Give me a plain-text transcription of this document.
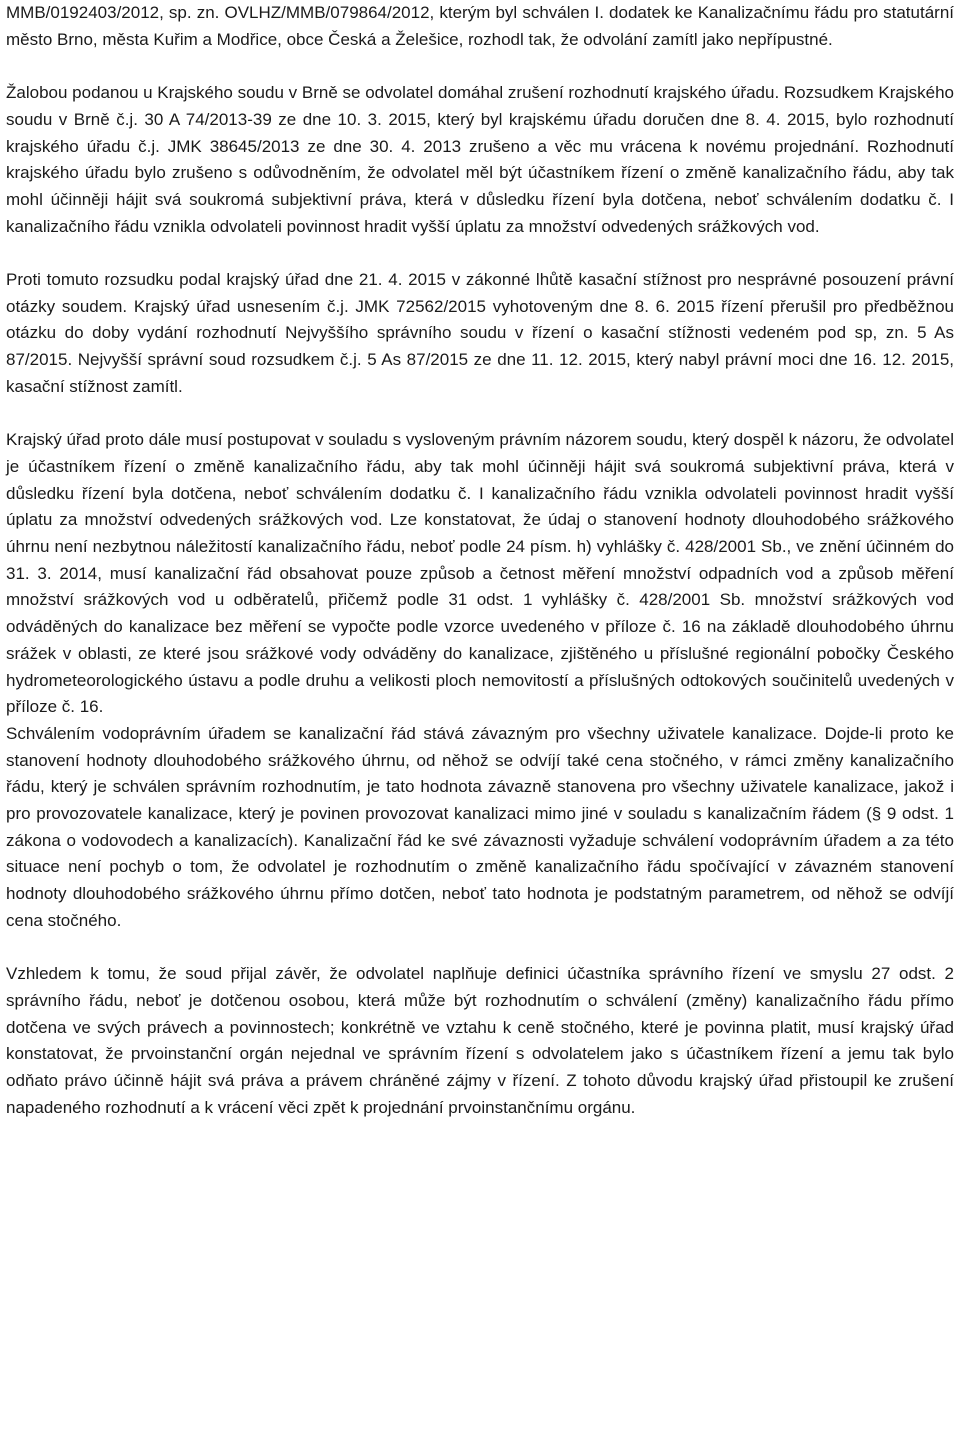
MMB/0192403/2012, sp. zn. OVLHZ/MMB/079864/2012, kterým byl schválen I. dodatek ke Kanalizačnímu řádu pro statutární město Brno, města Kuřim a Modřice, obce Česká a Želešice, rozhodl tak, že odvolání zamítl jako nepřípustné.

Žalobou podanou u Krajského soudu v Brně se odvolatel domáhal zrušení rozhodnutí krajského úřadu. Rozsudkem Krajského soudu v Brně č.j. 30 A 74/2013-39 ze dne 10. 3. 2015, který byl krajskému úřadu doručen dne 8. 4. 2015, bylo rozhodnutí krajského úřadu č.j. JMK 38645/2013 ze dne 30. 4. 2013 zrušeno a věc mu vrácena k novému projednání. Rozhodnutí krajského úřadu bylo zrušeno s odůvodněním, že odvolatel měl být účastníkem řízení o změně kanalizačního řádu, aby tak mohl účinněji hájit svá soukromá subjektivní práva, která v důsledku řízení byla dotčena, neboť schválením dodatku č. I kanalizačního řádu vznikla odvolateli povinnost hradit vyšší úplatu za množství odvedených srážkových vod.

Proti tomuto rozsudku podal krajský úřad dne 21. 4. 2015 v zákonné lhůtě kasační stížnost pro nesprávné posouzení právní otázky soudem. Krajský úřad usnesením č.j. JMK 72562/2015 vyhotoveným dne 8. 6. 2015 řízení přerušil pro předběžnou otázku do doby vydání rozhodnutí Nejvyššího správního soudu v řízení o kasační stížnosti vedeném pod sp, zn. 5 As 87/2015. Nejvyšší správní soud rozsudkem č.j. 5 As 87/2015 ze dne 11. 12. 2015, který nabyl právní moci dne 16. 12. 2015, kasační stížnost zamítl.

Krajský úřad proto dále musí postupovat v souladu s vysloveným právním názorem soudu, který dospěl k názoru, že odvolatel je účastníkem řízení o změně kanalizačního řádu, aby tak mohl účinněji hájit svá soukromá subjektivní práva, která v důsledku řízení byla dotčena, neboť schválením dodatku č. I kanalizačního řádu vznikla odvolateli povinnost hradit vyšší úplatu za množství odvedených srážkových vod. Lze konstatovat, že údaj o stanovení hodnoty dlouhodobého srážkového úhrnu není nezbytnou náležitostí kanalizačního řádu, neboť podle 24 písm. h) vyhlášky č. 428/2001 Sb., ve znění účinném do 31. 3. 2014, musí kanalizační řád obsahovat pouze způsob a četnost měření množství odpadních vod a způsob měření množství srážkových vod u odběratelů, přičemž podle 31 odst. 1 vyhlášky č. 428/2001 Sb. množství srážkových vod odváděných do kanalizace bez měření se vypočte podle vzorce uvedeného v příloze č. 16 na základě dlouhodobého úhrnu srážek v oblasti, ze které jsou srážkové vody odváděny do kanalizace, zjištěného u příslušné regionální pobočky Českého hydrometeorologického ústavu a podle druhu a velikosti ploch nemovitostí a příslušných odtokových součinitelů uvedených v příloze č. 16.

Schválením vodoprávním úřadem se kanalizační řád stává závazným pro všechny uživatele kanalizace. Dojde-li proto ke stanovení hodnoty dlouhodobého srážkového úhrnu, od něhož se odvíjí také cena stočného, v rámci změny kanalizačního řádu, který je schválen správním rozhodnutím, je tato hodnota závazně stanovena pro všechny uživatele kanalizace, jakož i pro provozovatele kanalizace, který je povinen provozovat kanalizaci mimo jiné v souladu s kanalizačním řádem (§ 9 odst. 1 zákona o vodovodech a kanalizacích). Kanalizační řád ke své závaznosti vyžaduje schválení vodoprávním úřadem a za této situace není pochyb o tom, že odvolatel je rozhodnutím o změně kanalizačního řádu spočívající v závazném stanovení hodnoty dlouhodobého srážkového úhrnu přímo dotčen, neboť tato hodnota je podstatným parametrem, od něhož se odvíjí cena stočného.

Vzhledem k tomu, že soud přijal závěr, že odvolatel naplňuje definici účastníka správního řízení ve smyslu 27 odst. 2 správního řádu, neboť je dotčenou osobou, která může být rozhodnutím o schválení (změny) kanalizačního řádu přímo dotčena ve svých právech a povinnostech; konkrétně ve vztahu k ceně stočného, které je povinna platit, musí krajský úřad konstatovat, že prvoinstanční orgán nejednal ve správním řízení s odvolatelem jako s účastníkem řízení a jemu tak bylo odňato právo účinně hájit svá práva a právem chráněné zájmy v řízení. Z tohoto důvodu krajský úřad přistoupil ke zrušení napadeného rozhodnutí a k vrácení věci zpět k projednání prvoinstančnímu orgánu.
